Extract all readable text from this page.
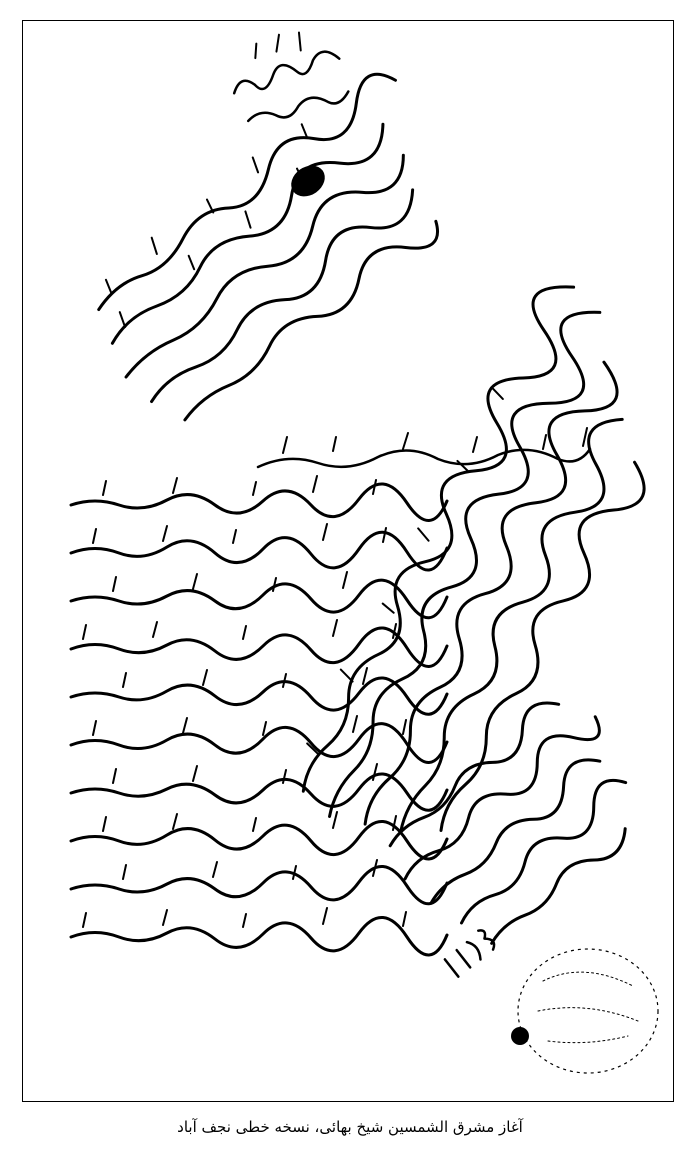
آغاز مشرق الشمسین شیخ بهائی، نسخه خطی نجف آباد
